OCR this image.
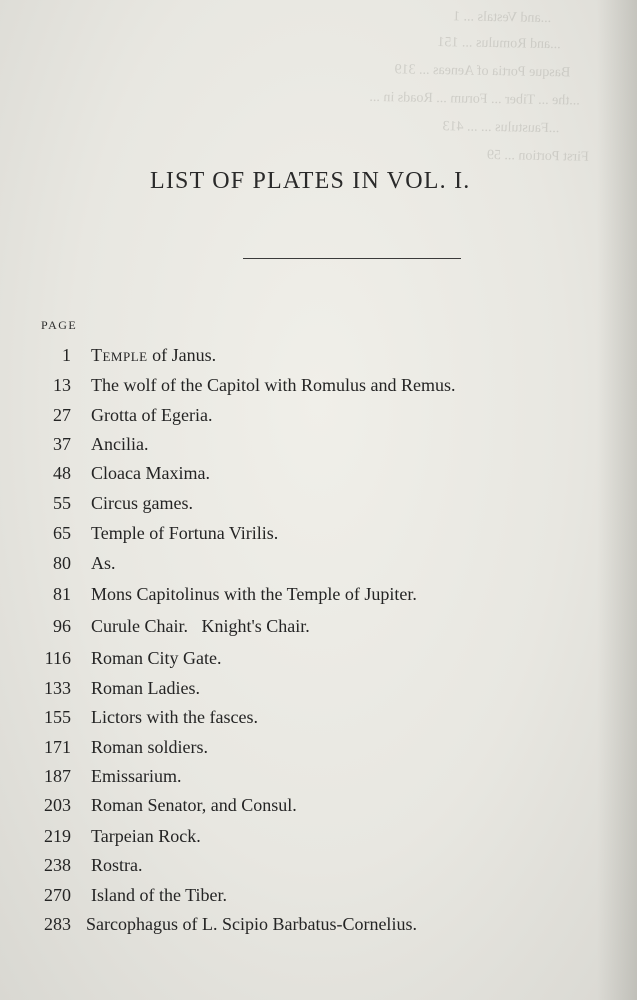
...and Vestals ... 1
...and Romulus ... 151
Basque Portia of Aeneas ... 319
...the ... Tiber ... Forum ... Roads in ...
...Faustulus ... ... 413
First Portion ... 59
LIST OF PLATES IN VOL. I.
PAGE
1 Temple of Janus.
13 The wolf of the Capitol with Romulus and Remus.
27 Grotta of Egeria.
37 Ancilia.
48 Cloaca Maxima.
55 Circus games.
65 Temple of Fortuna Virilis.
80 As.
81 Mons Capitolinus with the Temple of Jupiter.
96 Curule Chair.   Knight's Chair.
116 Roman City Gate.
133 Roman Ladies.
155 Lictors with the fasces.
171 Roman soldiers.
187 Emissarium.
203 Roman Senator, and Consul.
219 Tarpeian Rock.
238 Rostra.
270 Island of the Tiber.
283 Sarcophagus of L. Scipio Barbatus-Cornelius.
